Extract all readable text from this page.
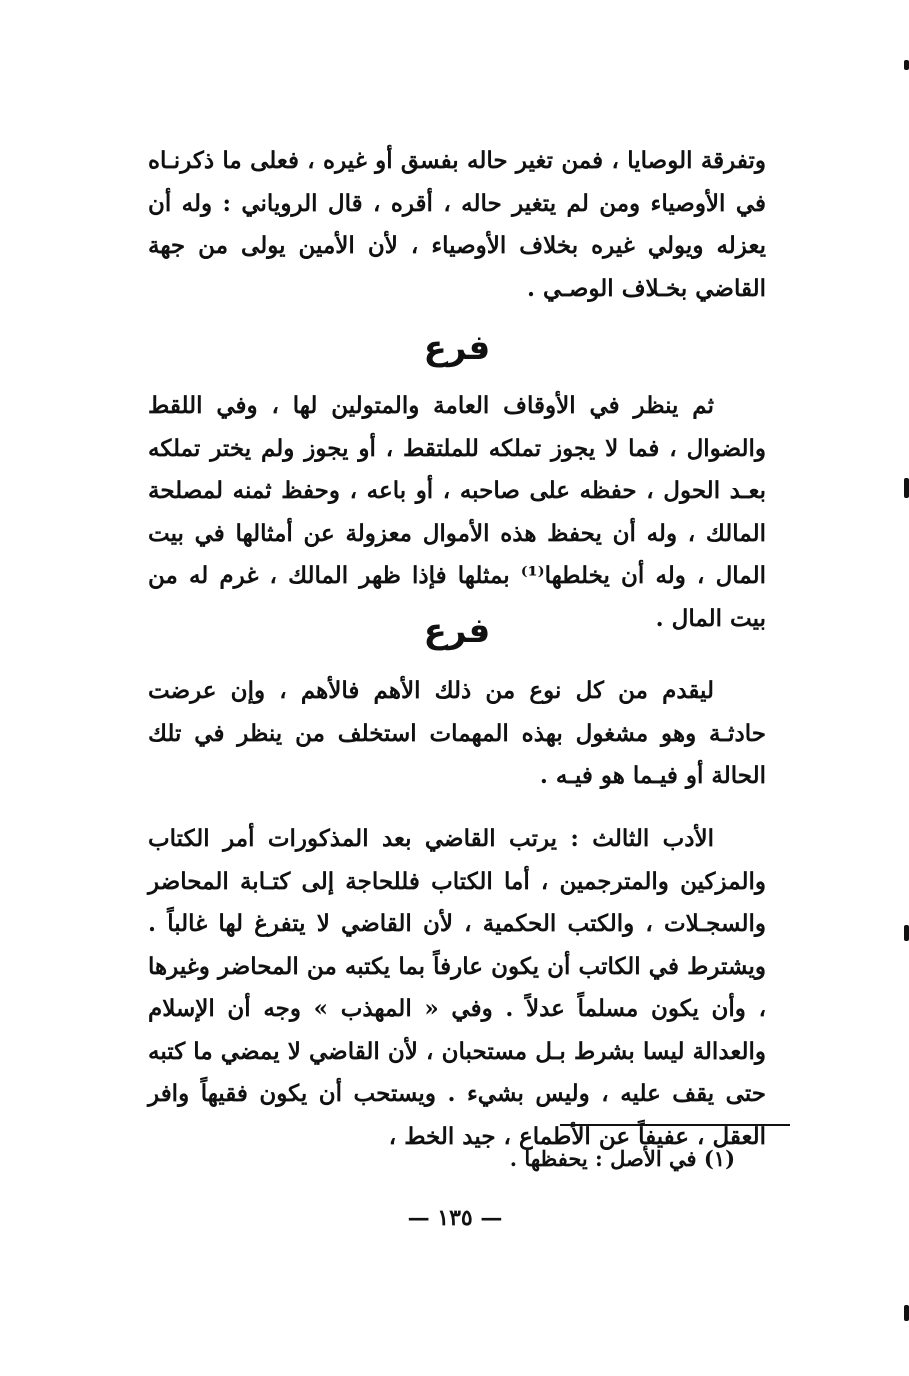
وتفرقة الوصايا ، فمن تغير حاله بفسق أو غيره ، فعلى ما ذكرنـاه في الأوصياء ومن لم يتغير حاله ، أقره ، قال الروياني : وله أن يعزله ويولي غيره بخلاف الأوصياء ، لأن الأمين يولى من جهة القاضي بخـلاف الوصـي .

فرع

ثم ينظر في الأوقاف العامة والمتولين لها ، وفي اللقط والضوال ، فما لا يجوز تملكه للملتقط ، أو يجوز ولم يختر تملكه بعـد الحول ، حفظه على صاحبه ، أو باعه ، وحفظ ثمنه لمصلحة المالك ، وله أن يحفظ هذه الأموال معزولة عن أمثالها في بيت المال ، وله أن يخلطها⁽¹⁾ بمثلها فإذا ظهر المالك ، غرم له من بيت المال .

فرع

ليقدم من كل نوع من ذلك الأهم فالأهم ، وإن عرضت حادثـة وهو مشغول بهذه المهمات استخلف من ينظر في تلك الحالة أو فيـما هو فيـه .

الأدب الثالث : يرتب القاضي بعد المذكورات أمر الكتاب والمزكين والمترجمين ، أما الكتاب فللحاجة إلى كتـابة المحاضر والسجـلات ، والكتب الحكمية ، لأن القاضي لا يتفرغ لها غالباً . ويشترط في الكاتب أن يكون عارفاً بما يكتبه من المحاضر وغيرها ، وأن يكون مسلماً عدلاً . وفي « المهذب » وجه أن الإسلام والعدالة ليسا بشرط بـل مستحبان ، لأن القاضي لا يمضي ما كتبه حتى يقف عليه ، وليس بشيء . ويستحب أن يكون فقيهاً وافر العقل ، عفيفاً عن الأطماع ، جيد الخط ،

(١) في الأصل : يحفظها .
— ١٣٥ —
